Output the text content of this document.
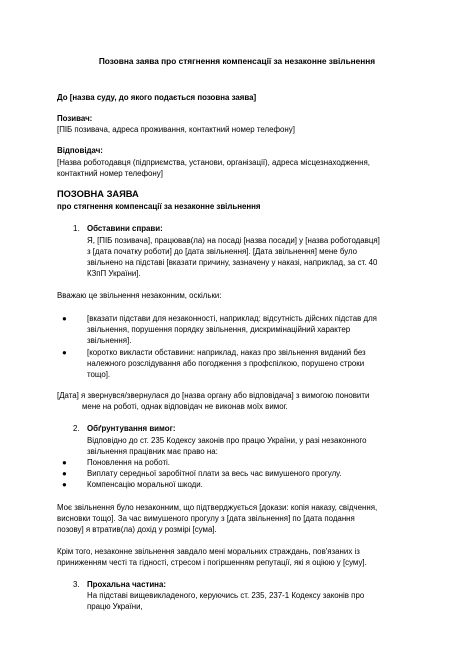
Позовна заява про стягнення компенсації за незаконне звільнення
До [назва суду, до якого подається позовна заява]
Позивач:
[ПІБ позивача, адреса проживання, контактний номер телефону]
Відповідач:
[Назва роботодавця (підприємства, установи, організації), адреса місцезнаходження,
контактний номер телефону]
ПОЗОВНА ЗАЯВА
про стягнення компенсації за незаконне звільнення
1. Обставини справи:
Я, [ПІБ позивача], працював(ла) на посаді [назва посади] у [назва роботодавця]
з [дата початку роботи] до [дата звільнення]. [Дата звільнення] мене було
звільнено на підставі [вказати причину, зазначену у наказі, наприклад, за ст. 40
КЗпП України].
Вважаю це звільнення незаконним, оскільки:
●	[вказати підстави для незаконності, наприклад: відсутність дійсних підстав для
звільнення, порушення порядку звільнення, дискримінаційний характер
звільнення].
●	[коротко викласти обставини: наприклад, наказ про звільнення виданий без
належного розслідування або погодження з профспілкою, порушено строки
тощо].
[Дата] я звернувся/звернулася до [назва органу або відповідача] з вимогою поновити
мене на роботі, однак відповідач не виконав моїх вимог.
2. Обґрунтування вимог:
Відповідно до ст. 235 Кодексу законів про працю України, у разі незаконного
звільнення працівник має право на:
●	Поновлення на роботі.
●	Виплату середньої заробітної плати за весь час вимушеного прогулу.
●	Компенсацію моральної шкоди.
Моє звільнення було незаконним, що підтверджується [докази: копія наказу, свідчення,
висновки тощо]. За час вимушеного прогулу з [дата звільнення] по [дата подання
позову] я втратив(ла) дохід у розмірі [сума].
Крім того, незаконне звільнення завдало мені моральних страждань, пов'язаних із
приниженням честі та гідності, стресом і погіршенням репутації, які я оціюю у [суму].
3. Прохальна частина:
На підставі вищевикладеного, керуючись ст. 235, 237-1 Кодексу законів про
працю України,
